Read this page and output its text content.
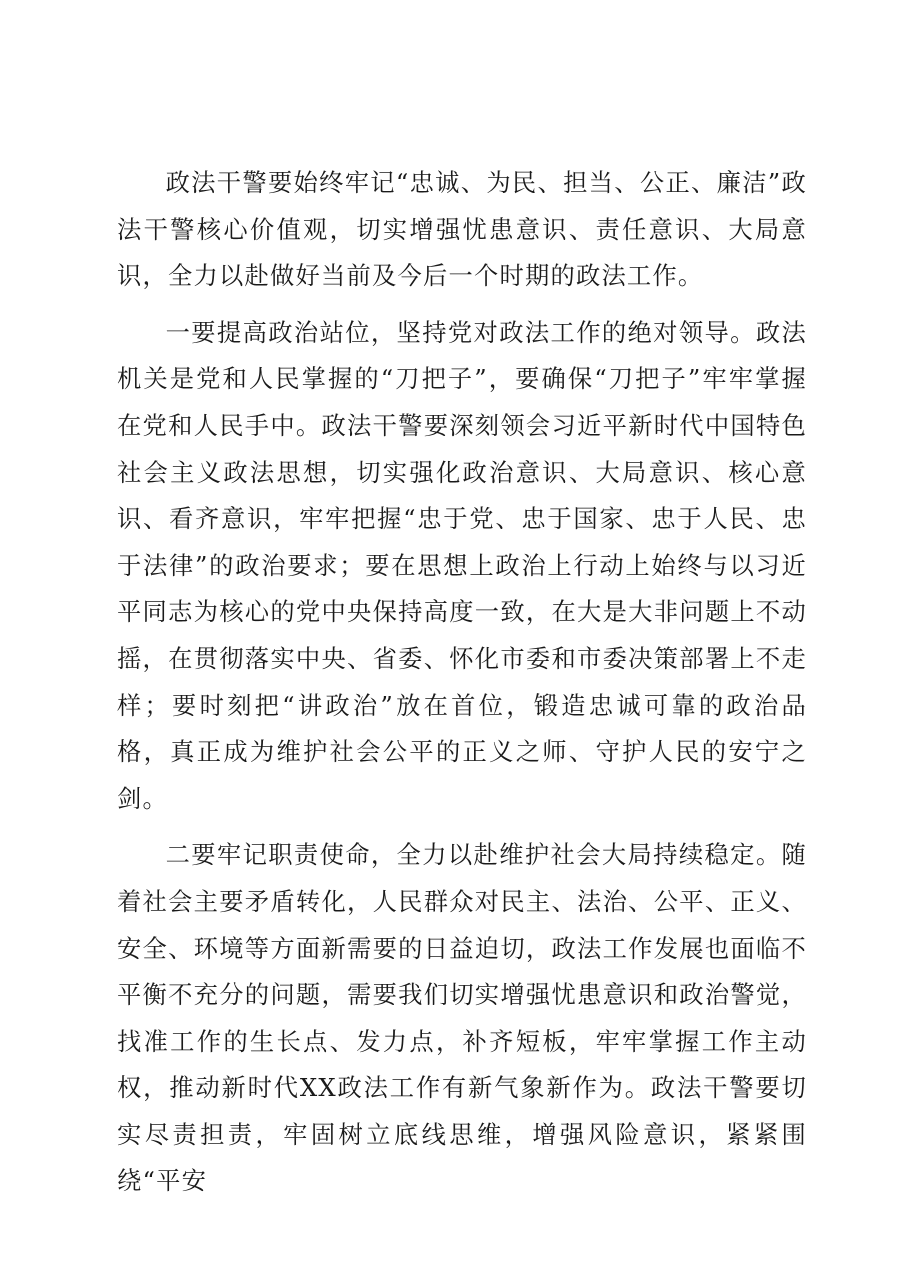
政法干警要始终牢记“忠诚、为民、担当、公正、廉洁”政法干警核心价值观，切实增强忧患意识、责任意识、大局意识，全力以赴做好当前及今后一个时期的政法工作。

一要提高政治站位，坚持党对政法工作的绝对领导。政法机关是党和人民掌握的“刀把子”，要确保“刀把子”牢牢掌握在党和人民手中。政法干警要深刻领会习近平新时代中国特色社会主义政法思想，切实强化政治意识、大局意识、核心意识、看齐意识，牢牢把握“忠于党、忠于国家、忠于人民、忠于法律”的政治要求；要在思想上政治上行动上始终与以习近平同志为核心的党中央保持高度一致，在大是大非问题上不动摇，在贯彻落实中央、省委、怀化市委和市委决策部署上不走样；要时刻把“讲政治”放在首位，锻造忠诚可靠的政治品格，真正成为维护社会公平的正义之师、守护人民的安宁之剑。

二要牢记职责使命，全力以赴维护社会大局持续稳定。随着社会主要矛盾转化，人民群众对民主、法治、公平、正义、安全、环境等方面新需要的日益迫切，政法工作发展也面临不平衡不充分的问题，需要我们切实增强忧患意识和政治警觉，找准工作的生长点、发力点，补齐短板，牢牢掌握工作主动权，推动新时代XX政法工作有新气象新作为。政法干警要切实尽责担责，牢固树立底线思维，增强风险意识，紧紧围绕“平安
